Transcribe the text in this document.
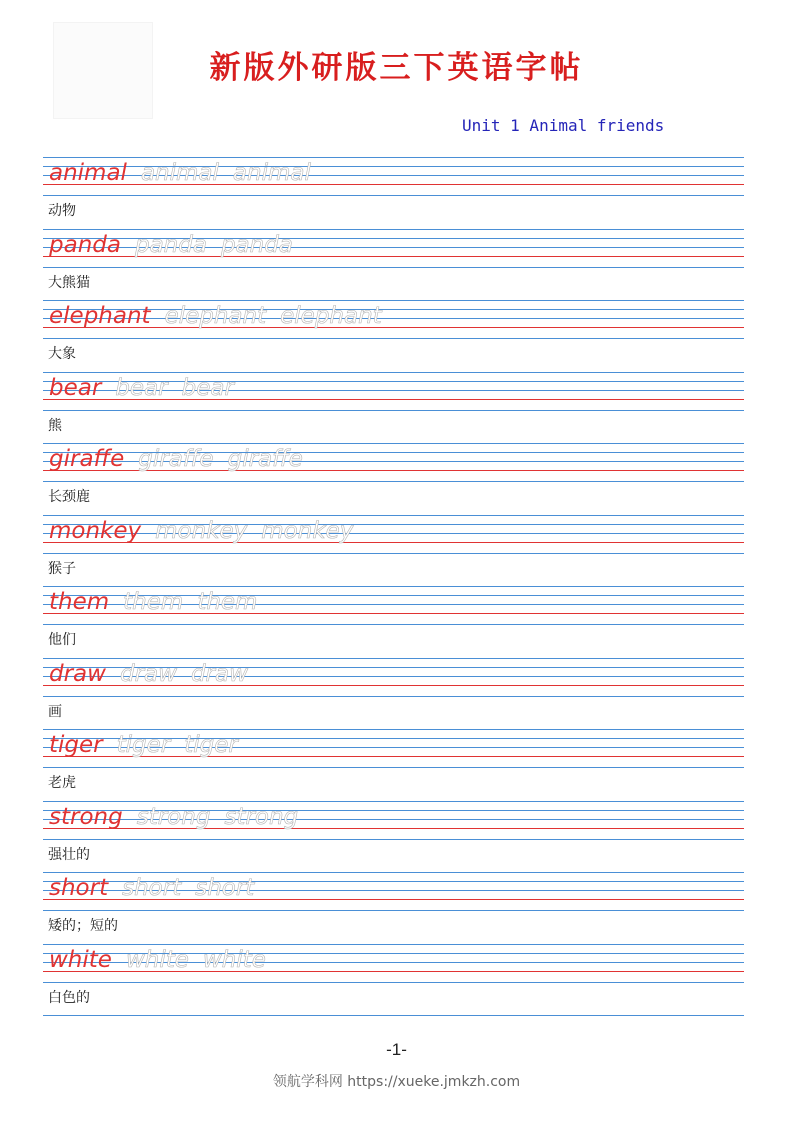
新版外研版三下英语字帖
Unit 1 Animal friends
animal animal animal
动物
panda panda panda
大熊猫
elephant elephant elephant
大象
bear bear bear
熊
giraffe giraffe giraffe
长颈鹿
monkey monkey monkey
猴子
them them them
他们
draw draw draw
画
tiger tiger tiger
老虎
strong strong strong
强壮的
short short short
矮的；短的
white white white
白色的
-1-
领航学科网 https://xueke.jmkzh.com
